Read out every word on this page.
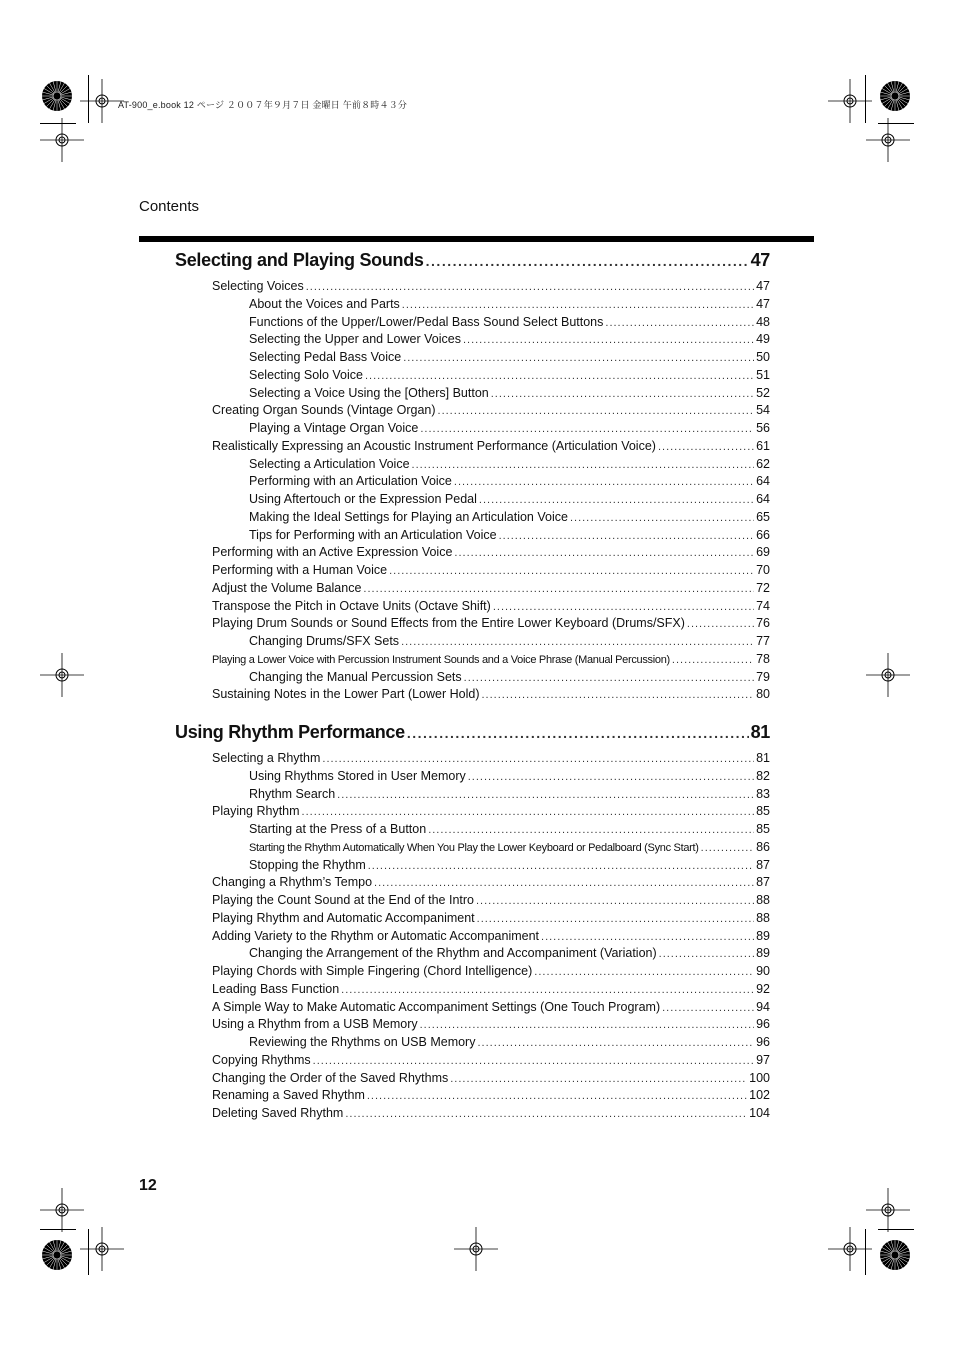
AT-900_e.book 12 ページ ２００７年９月７日 金曜日 午前８時４３分
Contents
Selecting and Playing Sounds .....	47
Selecting Voices .....	47
About the Voices and Parts .....	47
Functions of the Upper/Lower/Pedal Bass Sound Select Buttons .....	48
Selecting the Upper and Lower Voices .....	49
Selecting Pedal Bass Voice .....	50
Selecting Solo Voice .....	51
Selecting a Voice Using the [Others] Button .....	52
Creating Organ Sounds (Vintage Organ) .....	54
Playing a Vintage Organ Voice .....	56
Realistically Expressing an Acoustic Instrument Performance (Articulation Voice) .....	61
Selecting a Articulation Voice .....	62
Performing with an Articulation Voice .....	64
Using Aftertouch or the Expression Pedal .....	64
Making the Ideal Settings for Playing an Articulation Voice .....	65
Tips for Performing with an Articulation Voice .....	66
Performing with an Active Expression Voice .....	69
Performing with a Human Voice .....	70
Adjust the Volume Balance .....	72
Transpose the Pitch in Octave Units (Octave Shift) .....	74
Playing Drum Sounds or Sound Effects from the Entire Lower Keyboard (Drums/SFX) .....	76
Changing Drums/SFX Sets .....	77
Playing a Lower Voice with Percussion Instrument Sounds and a Voice Phrase (Manual Percussion) .....	78
Changing the Manual Percussion Sets .....	79
Sustaining Notes in the Lower Part (Lower Hold) .....	80
Using Rhythm Performance .....	81
Selecting a Rhythm .....	81
Using Rhythms Stored in User Memory .....	82
Rhythm Search .....	83
Playing Rhythm .....	85
Starting at the Press of a Button .....	85
Starting the Rhythm Automatically When You Play the Lower Keyboard or Pedalboard (Sync Start) .....	86
Stopping the Rhythm .....	87
Changing a Rhythm’s Tempo .....	87
Playing the Count Sound at the End of the Intro .....	88
Playing Rhythm and Automatic Accompaniment .....	88
Adding Variety to the Rhythm or Automatic Accompaniment .....	89
Changing the Arrangement of the Rhythm and Accompaniment (Variation) .....	89
Playing Chords with Simple Fingering (Chord Intelligence) .....	90
Leading Bass Function .....	92
A Simple Way to Make Automatic Accompaniment Settings (One Touch Program) .....	94
Using a Rhythm from a USB Memory .....	96
Reviewing the Rhythms on USB Memory .....	96
Copying Rhythms .....	97
Changing the Order of the Saved Rhythms .....	100
Renaming a Saved Rhythm .....	102
Deleting Saved Rhythm .....	104
12
